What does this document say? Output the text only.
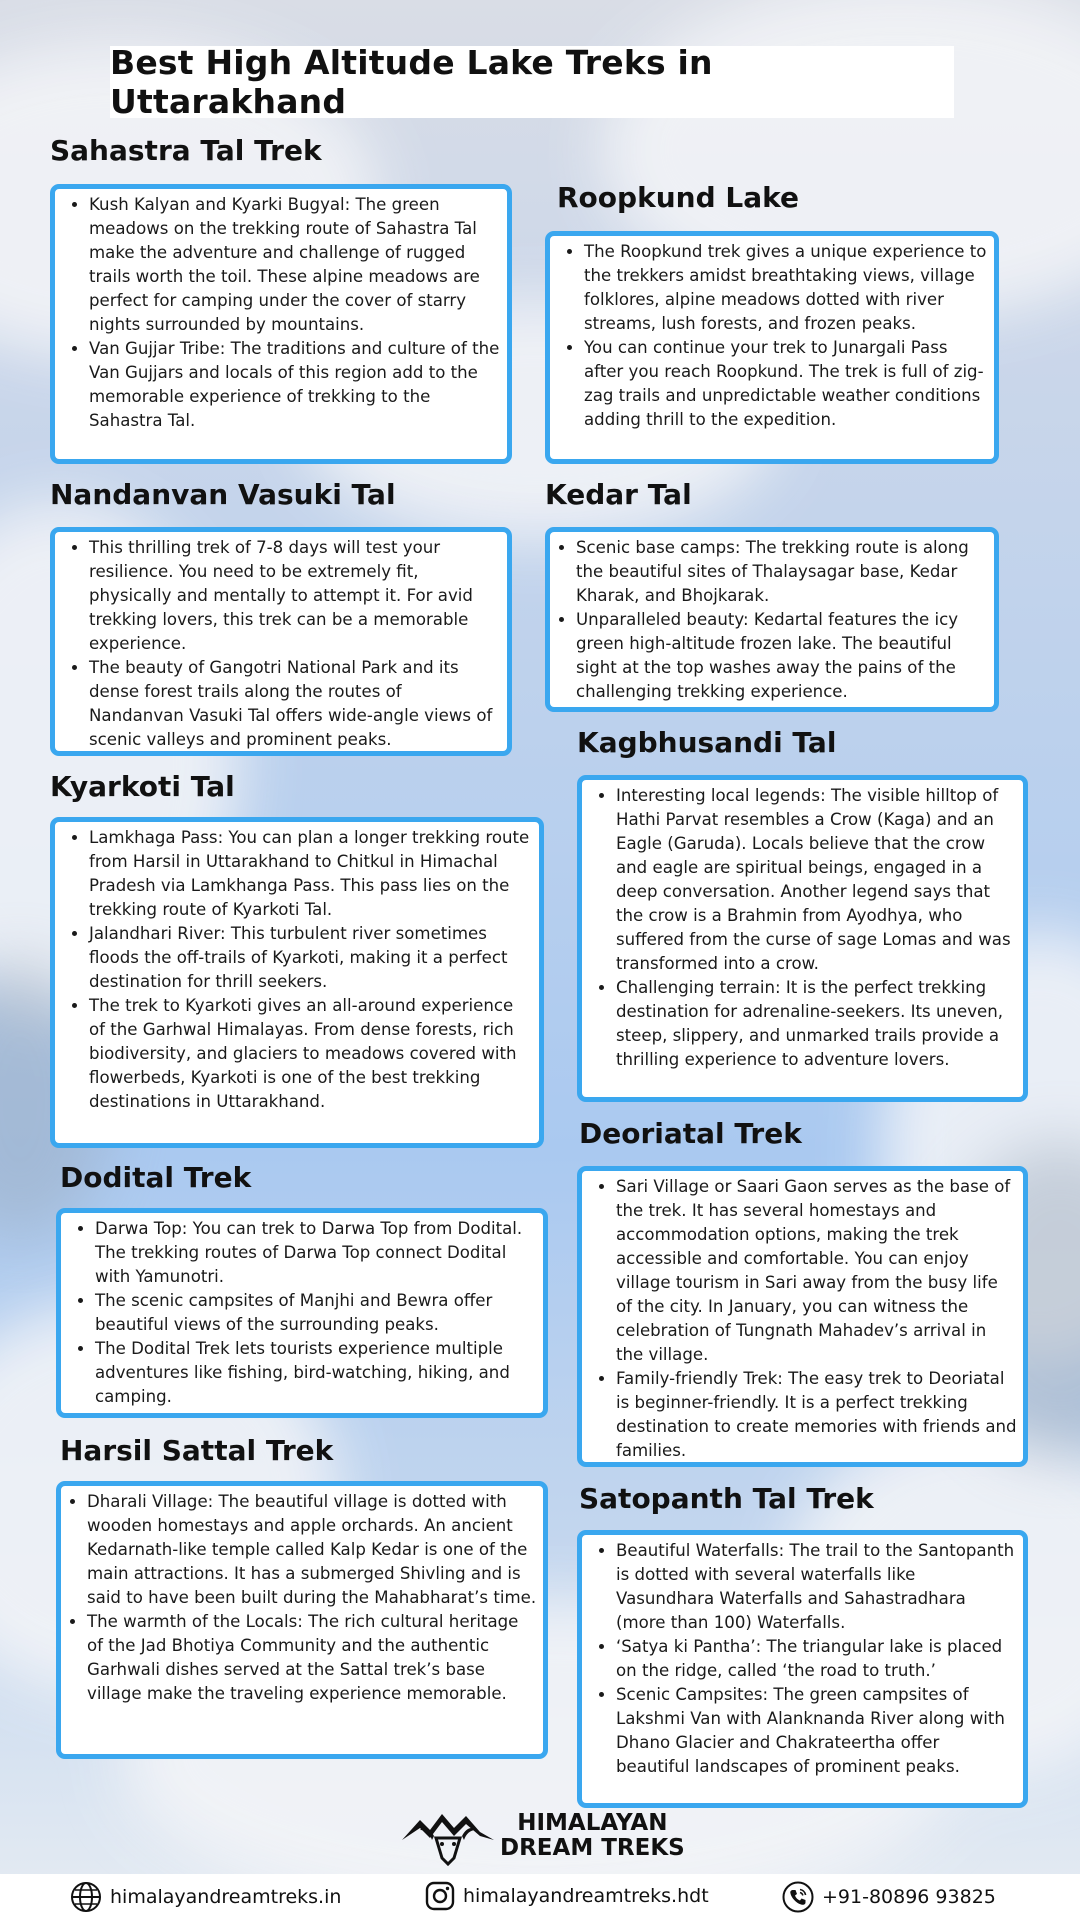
Best High Altitude Lake Treks in Uttarakhand
Sahastra Tal Trek
• Kush Kalyan and Kyarki Bugyal: The green meadows on the trekking route of Sahastra Tal make the adventure and challenge of rugged trails worth the toil. These alpine meadows are perfect for camping under the cover of starry nights surrounded by mountains.
• Van Gujjar Tribe: The traditions and culture of the Van Gujjars and locals of this region add to the memorable experience of trekking to the Sahastra Tal.
Roopkund Lake
• The Roopkund trek gives a unique experience to the trekkers amidst breathtaking views, village folklores, alpine meadows dotted with river streams, lush forests, and frozen peaks.
• You can continue your trek to Junargali Pass after you reach Roopkund. The trek is full of zig-zag trails and unpredictable weather conditions adding thrill to the expedition.
Nandanvan Vasuki Tal
• This thrilling trek of 7-8 days will test your resilience. You need to be extremely fit, physically and mentally to attempt it. For avid trekking lovers, this trek can be a memorable experience.
• The beauty of Gangotri National Park and its dense forest trails along the routes of Nandanvan Vasuki Tal offers wide-angle views of scenic valleys and prominent peaks.
Kedar Tal
• Scenic base camps: The trekking route is along the beautiful sites of Thalaysagar base, Kedar Kharak, and Bhojkarak.
• Unparalleled beauty: Kedartal features the icy green high-altitude frozen lake. The beautiful sight at the top washes away the pains of the challenging trekking experience.
Kyarkoti Tal
• Lamkhaga Pass: You can plan a longer trekking route from Harsil in Uttarakhand to Chitkul in Himachal Pradesh via Lamkhanga Pass. This pass lies on the trekking route of Kyarkoti Tal.
• Jalandhari River: This turbulent river sometimes floods the off-trails of Kyarkoti, making it a perfect destination for thrill seekers.
• The trek to Kyarkoti gives an all-around experience of the Garhwal Himalayas. From dense forests, rich biodiversity, and glaciers to meadows covered with flowerbeds, Kyarkoti is one of the best trekking destinations in Uttarakhand.
Kagbhusandi Tal
• Interesting local legends: The visible hilltop of Hathi Parvat resembles a Crow (Kaga) and an Eagle (Garuda). Locals believe that the crow and eagle are spiritual beings, engaged in a deep conversation. Another legend says that the crow is a Brahmin from Ayodhya, who suffered from the curse of sage Lomas and was transformed into a crow.
• Challenging terrain: It is the perfect trekking destination for adrenaline-seekers. Its uneven, steep, slippery, and unmarked trails provide a thrilling experience to adventure lovers.
Dodital Trek
• Darwa Top: You can trek to Darwa Top from Dodital. The trekking routes of Darwa Top connect Dodital with Yamunotri.
• The scenic campsites of Manjhi and Bewra offer beautiful views of the surrounding peaks.
• The Dodital Trek lets tourists experience multiple adventures like fishing, bird-watching, hiking, and camping.
Deoriatal Trek
• Sari Village or Saari Gaon serves as the base of the trek. It has several homestays and accommodation options, making the trek accessible and comfortable. You can enjoy village tourism in Sari away from the busy life of the city. In January, you can witness the celebration of Tungnath Mahadev’s arrival in the village.
• Family-friendly Trek: The easy trek to Deoriatal is beginner-friendly. It is a perfect trekking destination to create memories with friends and families.
Harsil Sattal Trek
• Dharali Village: The beautiful village is dotted with wooden homestays and apple orchards. An ancient Kedarnath-like temple called Kalp Kedar is one of the main attractions. It has a submerged Shivling and is said to have been built during the Mahabharat’s time.
• The warmth of the Locals: The rich cultural heritage of the Jad Bhotiya Community and the authentic Garhwali dishes served at the Sattal trek’s base village make the traveling experience memorable.
Satopanth Tal Trek
• Beautiful Waterfalls: The trail to the Santopanth is dotted with several waterfalls like Vasundhara Waterfalls and Sahastradhara (more than 100) Waterfalls.
• ‘Satya ki Pantha’: The triangular lake is placed on the ridge, called ‘the road to truth.’
• Scenic Campsites: The green campsites of Lakshmi Van with Alanknanda River along with Dhano Glacier and Chakrateertha offer beautiful landscapes of prominent peaks.
HIMALAYAN
DREAM TREKS
himalayandreamtreks.in	himalayandreamtreks.hdt	+91-80896 93825
